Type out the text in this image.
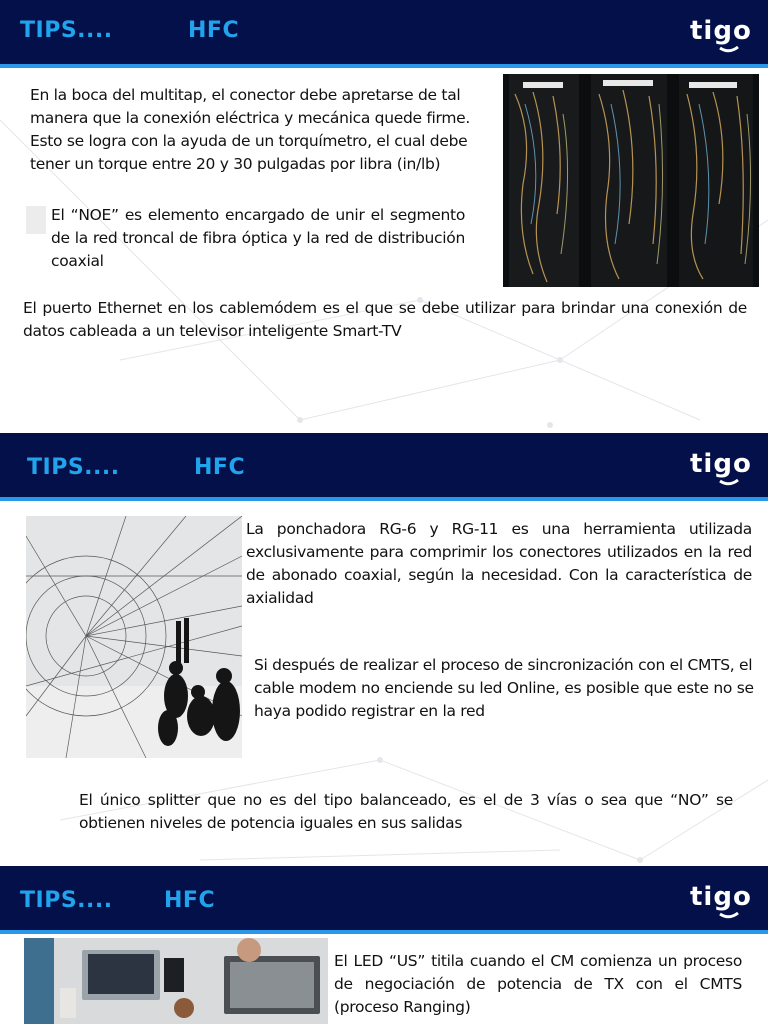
TIPS....	HFC	tigo
En la boca del multitap, el conector debe apretarse de tal manera que la conexión eléctrica y mecánica quede firme. Esto se logra con la ayuda de un torquímetro, el cual debe tener un torque entre 20 y 30 pulgadas por libra (in/lb)
El “NOE” es elemento encargado de unir el segmento de la red troncal de fibra óptica y la red de distribución coaxial
El puerto Ethernet en los cablemódem es el que se debe utilizar para brindar una conexión de datos cableada a un televisor inteligente Smart-TV
TIPS....	HFC	tigo
La ponchadora RG-6 y RG-11 es una herramienta utilizada exclusivamente para comprimir los conectores utilizados en la red de abonado coaxial, según la necesidad. Con la característica de axialidad
Si después de realizar el proceso de sincronización con el CMTS, el cable modem no enciende su led Online, es posible que este no se haya podido registrar en la red
El único splitter que no es del tipo balanceado, es el de 3 vías o sea que “NO” se obtienen niveles de potencia iguales en sus salidas
TIPS.... HFC	tigo
El LED “US” titila cuando el CM comienza un proceso de negociación de potencia de TX con el CMTS (proceso Ranging)
